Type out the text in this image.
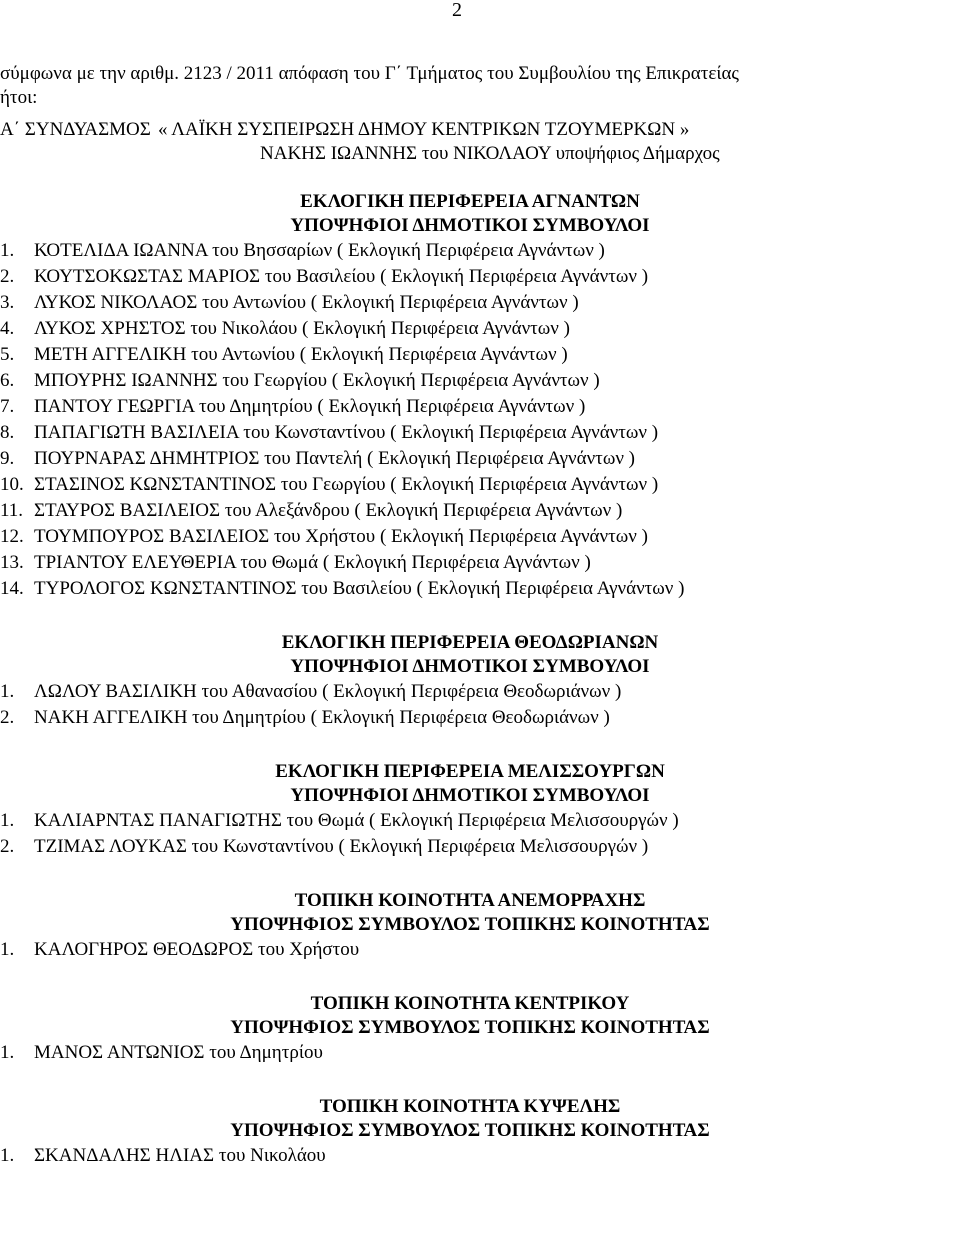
2
σύμφωνα με την αριθμ. 2123 / 2011 απόφαση του Γ΄ Τμήματος του Συμβουλίου της Επικρατείας
ήτοι:
Α΄ ΣΥΝΔΥΑΣΜΟΣ « ΛΑΪΚΗ ΣΥΣΠΕΙΡΩΣΗ ΔΗΜΟΥ ΚΕΝΤΡΙΚΩΝ ΤΖΟΥΜΕΡΚΩΝ »
ΝΑΚΗΣ ΙΩΑΝΝΗΣ του ΝΙΚΟΛΑΟΥ υποψήφιος Δήμαρχος
ΕΚΛΟΓΙΚΗ ΠΕΡΙΦΕΡΕΙΑ ΑΓΝΑΝΤΩΝ
ΥΠΟΨΗΦΙΟΙ ΔΗΜΟΤΙΚΟΙ ΣΥΜΒΟΥΛΟΙ
1. ΚΟΤΕΛΙΔΑ ΙΩΑΝΝΑ του Βησσαρίων ( Εκλογική Περιφέρεια Αγνάντων )
2. ΚΟΥΤΣΟΚΩΣΤΑΣ ΜΑΡΙΟΣ του Βασιλείου ( Εκλογική Περιφέρεια Αγνάντων )
3. ΛΥΚΟΣ ΝΙΚΟΛΑΟΣ του Αντωνίου ( Εκλογική Περιφέρεια Αγνάντων )
4. ΛΥΚΟΣ ΧΡΗΣΤΟΣ του Νικολάου ( Εκλογική Περιφέρεια Αγνάντων )
5. ΜΕΤΗ ΑΓΓΕΛΙΚΗ του Αντωνίου ( Εκλογική Περιφέρεια Αγνάντων )
6. ΜΠΟΥΡΗΣ ΙΩΑΝΝΗΣ του Γεωργίου ( Εκλογική Περιφέρεια Αγνάντων )
7. ΠΑΝΤΟΥ ΓΕΩΡΓΙΑ του Δημητρίου ( Εκλογική Περιφέρεια Αγνάντων )
8. ΠΑΠΑΓΙΩΤΗ ΒΑΣΙΛΕΙΑ του Κωνσταντίνου ( Εκλογική Περιφέρεια Αγνάντων )
9. ΠΟΥΡΝΑΡΑΣ ΔΗΜΗΤΡΙΟΣ του Παντελή ( Εκλογική Περιφέρεια Αγνάντων )
10. ΣΤΑΣΙΝΟΣ ΚΩΝΣΤΑΝΤΙΝΟΣ του Γεωργίου ( Εκλογική Περιφέρεια Αγνάντων )
11. ΣΤΑΥΡΟΣ ΒΑΣΙΛΕΙΟΣ του Αλεξάνδρου ( Εκλογική Περιφέρεια Αγνάντων )
12. ΤΟΥΜΠΟΥΡΟΣ ΒΑΣΙΛΕΙΟΣ του Χρήστου ( Εκλογική Περιφέρεια Αγνάντων )
13. ΤΡΙΑΝΤΟΥ ΕΛΕΥΘΕΡΙΑ του Θωμά ( Εκλογική Περιφέρεια Αγνάντων )
14. ΤΥΡΟΛΟΓΟΣ ΚΩΝΣΤΑΝΤΙΝΟΣ του Βασιλείου ( Εκλογική Περιφέρεια Αγνάντων )
ΕΚΛΟΓΙΚΗ ΠΕΡΙΦΕΡΕΙΑ ΘΕΟΔΩΡΙΑΝΩΝ
ΥΠΟΨΗΦΙΟΙ ΔΗΜΟΤΙΚΟΙ ΣΥΜΒΟΥΛΟΙ
1. ΛΩΛΟΥ ΒΑΣΙΛΙΚΗ του Αθανασίου ( Εκλογική Περιφέρεια Θεοδωριάνων )
2. ΝΑΚΗ ΑΓΓΕΛΙΚΗ του Δημητρίου ( Εκλογική Περιφέρεια Θεοδωριάνων )
ΕΚΛΟΓΙΚΗ ΠΕΡΙΦΕΡΕΙΑ ΜΕΛΙΣΣΟΥΡΓΩΝ
ΥΠΟΨΗΦΙΟΙ ΔΗΜΟΤΙΚΟΙ ΣΥΜΒΟΥΛΟΙ
1. ΚΑΛΙΑΡΝΤΑΣ ΠΑΝΑΓΙΩΤΗΣ του Θωμά ( Εκλογική Περιφέρεια Μελισσουργών )
2. ΤΖΙΜΑΣ ΛΟΥΚΑΣ του Κωνσταντίνου ( Εκλογική Περιφέρεια Μελισσουργών )
ΤΟΠΙΚΗ ΚΟΙΝΟΤΗΤΑ ΑΝΕΜΟΡΡΑΧΗΣ
ΥΠΟΨΗΦΙΟΣ ΣΥΜΒΟΥΛΟΣ ΤΟΠΙΚΗΣ ΚΟΙΝΟΤΗΤΑΣ
1. ΚΑΛΟΓΗΡΟΣ ΘΕΟΔΩΡΟΣ του Χρήστου
ΤΟΠΙΚΗ ΚΟΙΝΟΤΗΤΑ ΚΕΝΤΡΙΚΟΥ
ΥΠΟΨΗΦΙΟΣ ΣΥΜΒΟΥΛΟΣ ΤΟΠΙΚΗΣ ΚΟΙΝΟΤΗΤΑΣ
1. ΜΑΝΟΣ ΑΝΤΩΝΙΟΣ του Δημητρίου
ΤΟΠΙΚΗ ΚΟΙΝΟΤΗΤΑ ΚΥΨΕΛΗΣ
ΥΠΟΨΗΦΙΟΣ ΣΥΜΒΟΥΛΟΣ ΤΟΠΙΚΗΣ ΚΟΙΝΟΤΗΤΑΣ
1. ΣΚΑΝΔΑΛΗΣ ΗΛΙΑΣ του Νικολάου
